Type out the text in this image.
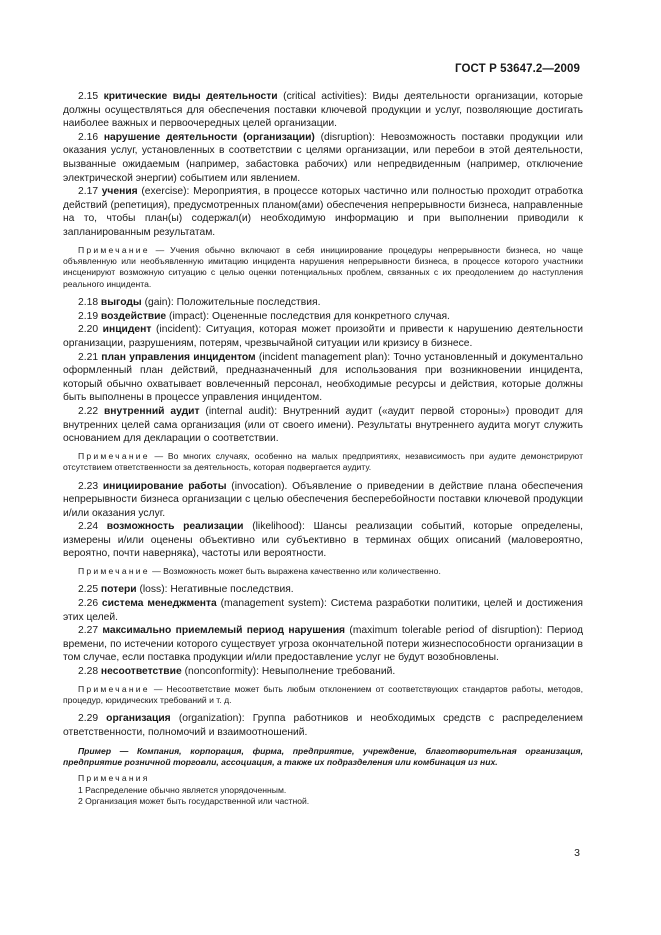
ГОСТ Р 53647.2—2009

2.15 критические виды деятельности (critical activities): Виды деятельности организации, которые должны осуществляться для обеспечения поставки ключевой продукции и услуг, позволяющие достигать наиболее важных и первоочередных целей организации.

2.16 нарушение деятельности (организации) (disruption): Невозможность поставки продукции или оказания услуг, установленных в соответствии с целями организации, или перебои в этой деятельности, вызванные ожидаемым (например, забастовка рабочих) или непредвиденным (например, отключение электрической энергии) событием или явлением.

2.17 учения (exercise): Мероприятия, в процессе которых частично или полностью проходит отработка действий (репетиция), предусмотренных планом(ами) обеспечения непрерывности бизнеса, направленные на то, чтобы план(ы) содержал(и) необходимую информацию и при выполнении приводили к запланированным результатам.

Примечание — Учения обычно включают в себя инициирование процедуры непрерывности бизнеса, но чаще объявленную или необъявленную имитацию инцидента нарушения непрерывности бизнеса, в процессе которого участники инсценируют возможную ситуацию с целью оценки потенциальных проблем, связанных с их преодолением до наступления реального инцидента.

2.18 выгоды (gain): Положительные последствия.

2.19 воздействие (impact): Оцененные последствия для конкретного случая.

2.20 инцидент (incident): Ситуация, которая может произойти и привести к нарушению деятельности организации, разрушениям, потерям, чрезвычайной ситуации или кризису в бизнесе.

2.21 план управления инцидентом (incident management plan): Точно установленный и документально оформленный план действий, предназначенный для использования при возникновении инцидента, который обычно охватывает вовлеченный персонал, необходимые ресурсы и действия, которые должны быть выполнены в процессе управления инцидентом.

2.22 внутренний аудит (internal audit): Внутренний аудит («аудит первой стороны») проводит для внутренних целей сама организация (или от своего имени). Результаты внутреннего аудита могут служить основанием для декларации о соответствии.

Примечание — Во многих случаях, особенно на малых предприятиях, независимость при аудите демонстрируют отсутствием ответственности за деятельность, которая подвергается аудиту.

2.23 инициирование работы (invocation). Объявление о приведении в действие плана обеспечения непрерывности бизнеса организации с целью обеспечения бесперебойности поставки ключевой продукции и/или оказания услуг.

2.24 возможность реализации (likelihood): Шансы реализации событий, которые определены, измерены и/или оценены объективно или субъективно в терминах общих описаний (маловероятно, вероятно, почти наверняка), частоты или вероятности.

Примечание — Возможность может быть выражена качественно или количественно.

2.25 потери (loss): Негативные последствия.

2.26 система менеджмента (management system): Система разработки политики, целей и достижения этих целей.

2.27 максимально приемлемый период нарушения (maximum tolerable period of disruption): Период времени, по истечении которого существует угроза окончательной потери жизнеспособности организации в том случае, если поставка продукции и/или предоставление услуг не будут возобновлены.

2.28 несоответствие (nonconformity): Невыполнение требований.

Примечание — Несоответствие может быть любым отклонением от соответствующих стандартов работы, методов, процедур, юридических требований и т. д.

2.29 организация (organization): Группа работников и необходимых средств с распределением ответственности, полномочий и взаимоотношений.

Пример — Компания, корпорация, фирма, предприятие, учреждение, благотворительная организация, предприятие розничной торговли, ассоциация, а также их подразделения или комбинация из них.

Примечания
1 Распределение обычно является упорядоченным.
2 Организация может быть государственной или частной.
3
